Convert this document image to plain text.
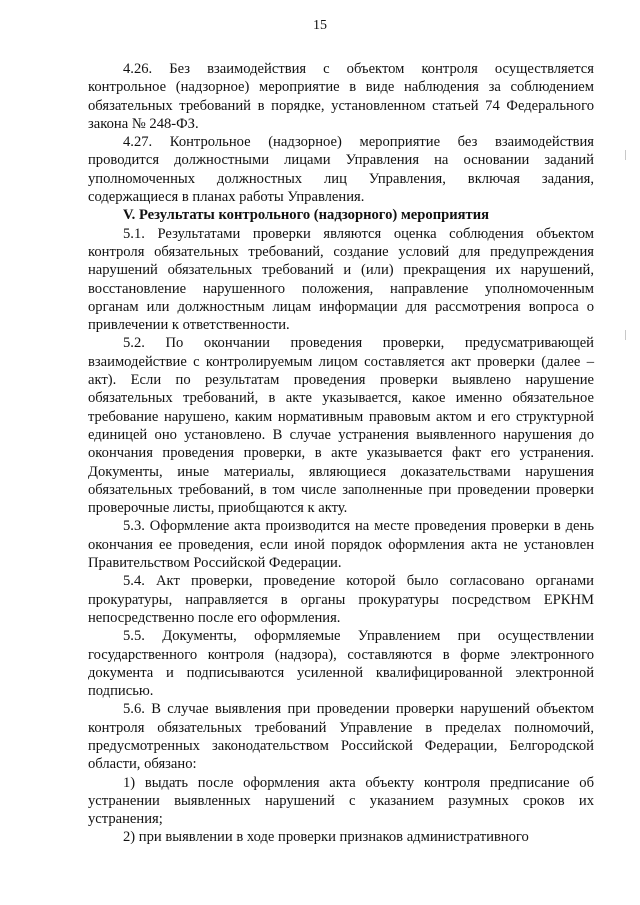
15

4.26. Без взаимодействия с объектом контроля осуществляется контрольное (надзорное) мероприятие в виде наблюдения за соблюдением обязательных требований в порядке, установленном статьей 74 Федерального закона № 248-ФЗ.

4.27. Контрольное (надзорное) мероприятие без взаимодействия проводится должностными лицами Управления на основании заданий уполномоченных должностных лиц Управления, включая задания, содержащиеся в планах работы Управления.

V. Результаты контрольного (надзорного) мероприятия

5.1. Результатами проверки являются оценка соблюдения объектом контроля обязательных требований, создание условий для предупреждения нарушений обязательных требований и (или) прекращения их нарушений, восстановление нарушенного положения, направление уполномоченным органам или должностным лицам информации для рассмотрения вопроса о привлечении к ответственности.

5.2. По окончании проведения проверки, предусматривающей взаимодействие с контролируемым лицом составляется акт проверки (далее – акт). Если по результатам проведения проверки выявлено нарушение обязательных требований, в акте указывается, какое именно обязательное требование нарушено, каким нормативным правовым актом и его структурной единицей оно установлено. В случае устранения выявленного нарушения до окончания проведения проверки, в акте указывается факт его устранения. Документы, иные материалы, являющиеся доказательствами нарушения обязательных требований, в том числе заполненные при проведении проверки проверочные листы, приобщаются к акту.

5.3. Оформление акта производится на месте проведения проверки в день окончания ее проведения, если иной порядок оформления акта не установлен Правительством Российской Федерации.

5.4. Акт проверки, проведение которой было согласовано органами прокуратуры, направляется в органы прокуратуры посредством ЕРКНМ непосредственно после его оформления.

5.5. Документы, оформляемые Управлением при осуществлении государственного контроля (надзора), составляются в форме электронного документа и подписываются усиленной квалифицированной электронной подписью.

5.6. В случае выявления при проведении проверки нарушений объектом контроля обязательных требований Управление в пределах полномочий, предусмотренных законодательством Российской Федерации, Белгородской области, обязано:

1) выдать после оформления акта объекту контроля предписание об устранении выявленных нарушений с указанием разумных сроков их устранения;

2) при выявлении в ходе проверки признаков административного
